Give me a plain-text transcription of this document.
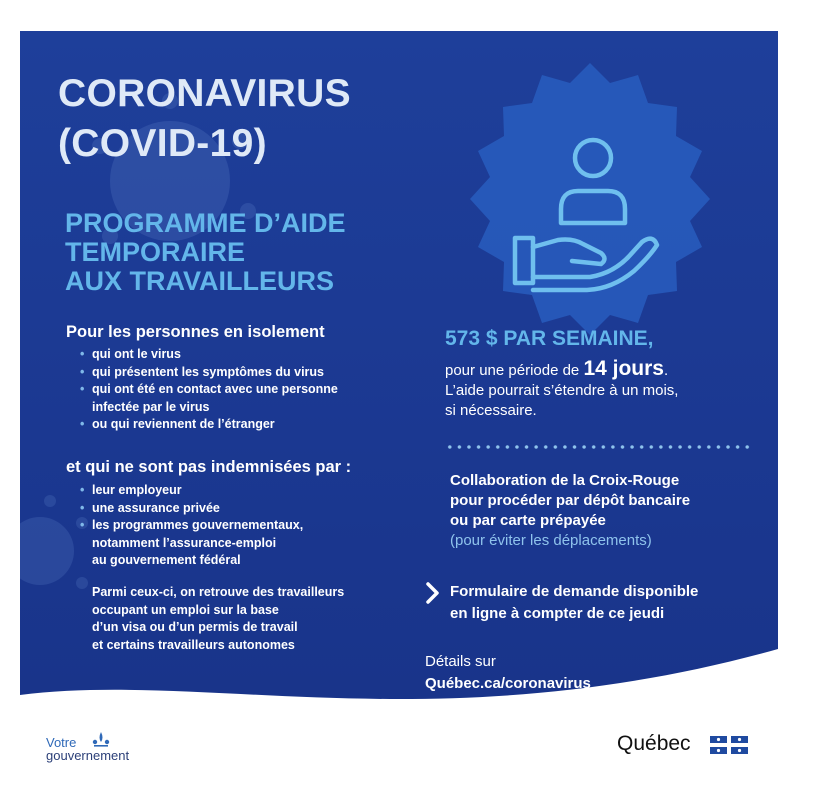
CORONAVIRUS
(COVID-19)

PROGRAMME D’AIDE
TEMPORAIRE
AUX TRAVAILLEURS

Pour les personnes en isolement

• qui ont le virus
• qui présentent les symptômes du virus
• qui ont été en contact avec une personne
infectée par le virus
• ou qui reviennent de l’étranger

et qui ne sont pas indemnisées par :

• leur employeur
• une assurance privée
• les programmes gouvernementaux,
notamment l’assurance-emploi
au gouvernement fédéral

Parmi ceux-ci, on retrouve des travailleurs
occupant un emploi sur la base
d’un visa ou d’un permis de travail
et certains travailleurs autonomes

573 $ PAR SEMAINE,

pour une période de 14 jours.
L’aide pourrait s’étendre à un mois,
si nécessaire.

Collaboration de la Croix-Rouge
pour procéder par dépôt bancaire
ou par carte prépayée
(pour éviter les déplacements)

Formulaire de demande disponible
en ligne à compter de ce jeudi

Détails sur
Québec.ca/coronavirus

Votre
gouvernement
Québec
